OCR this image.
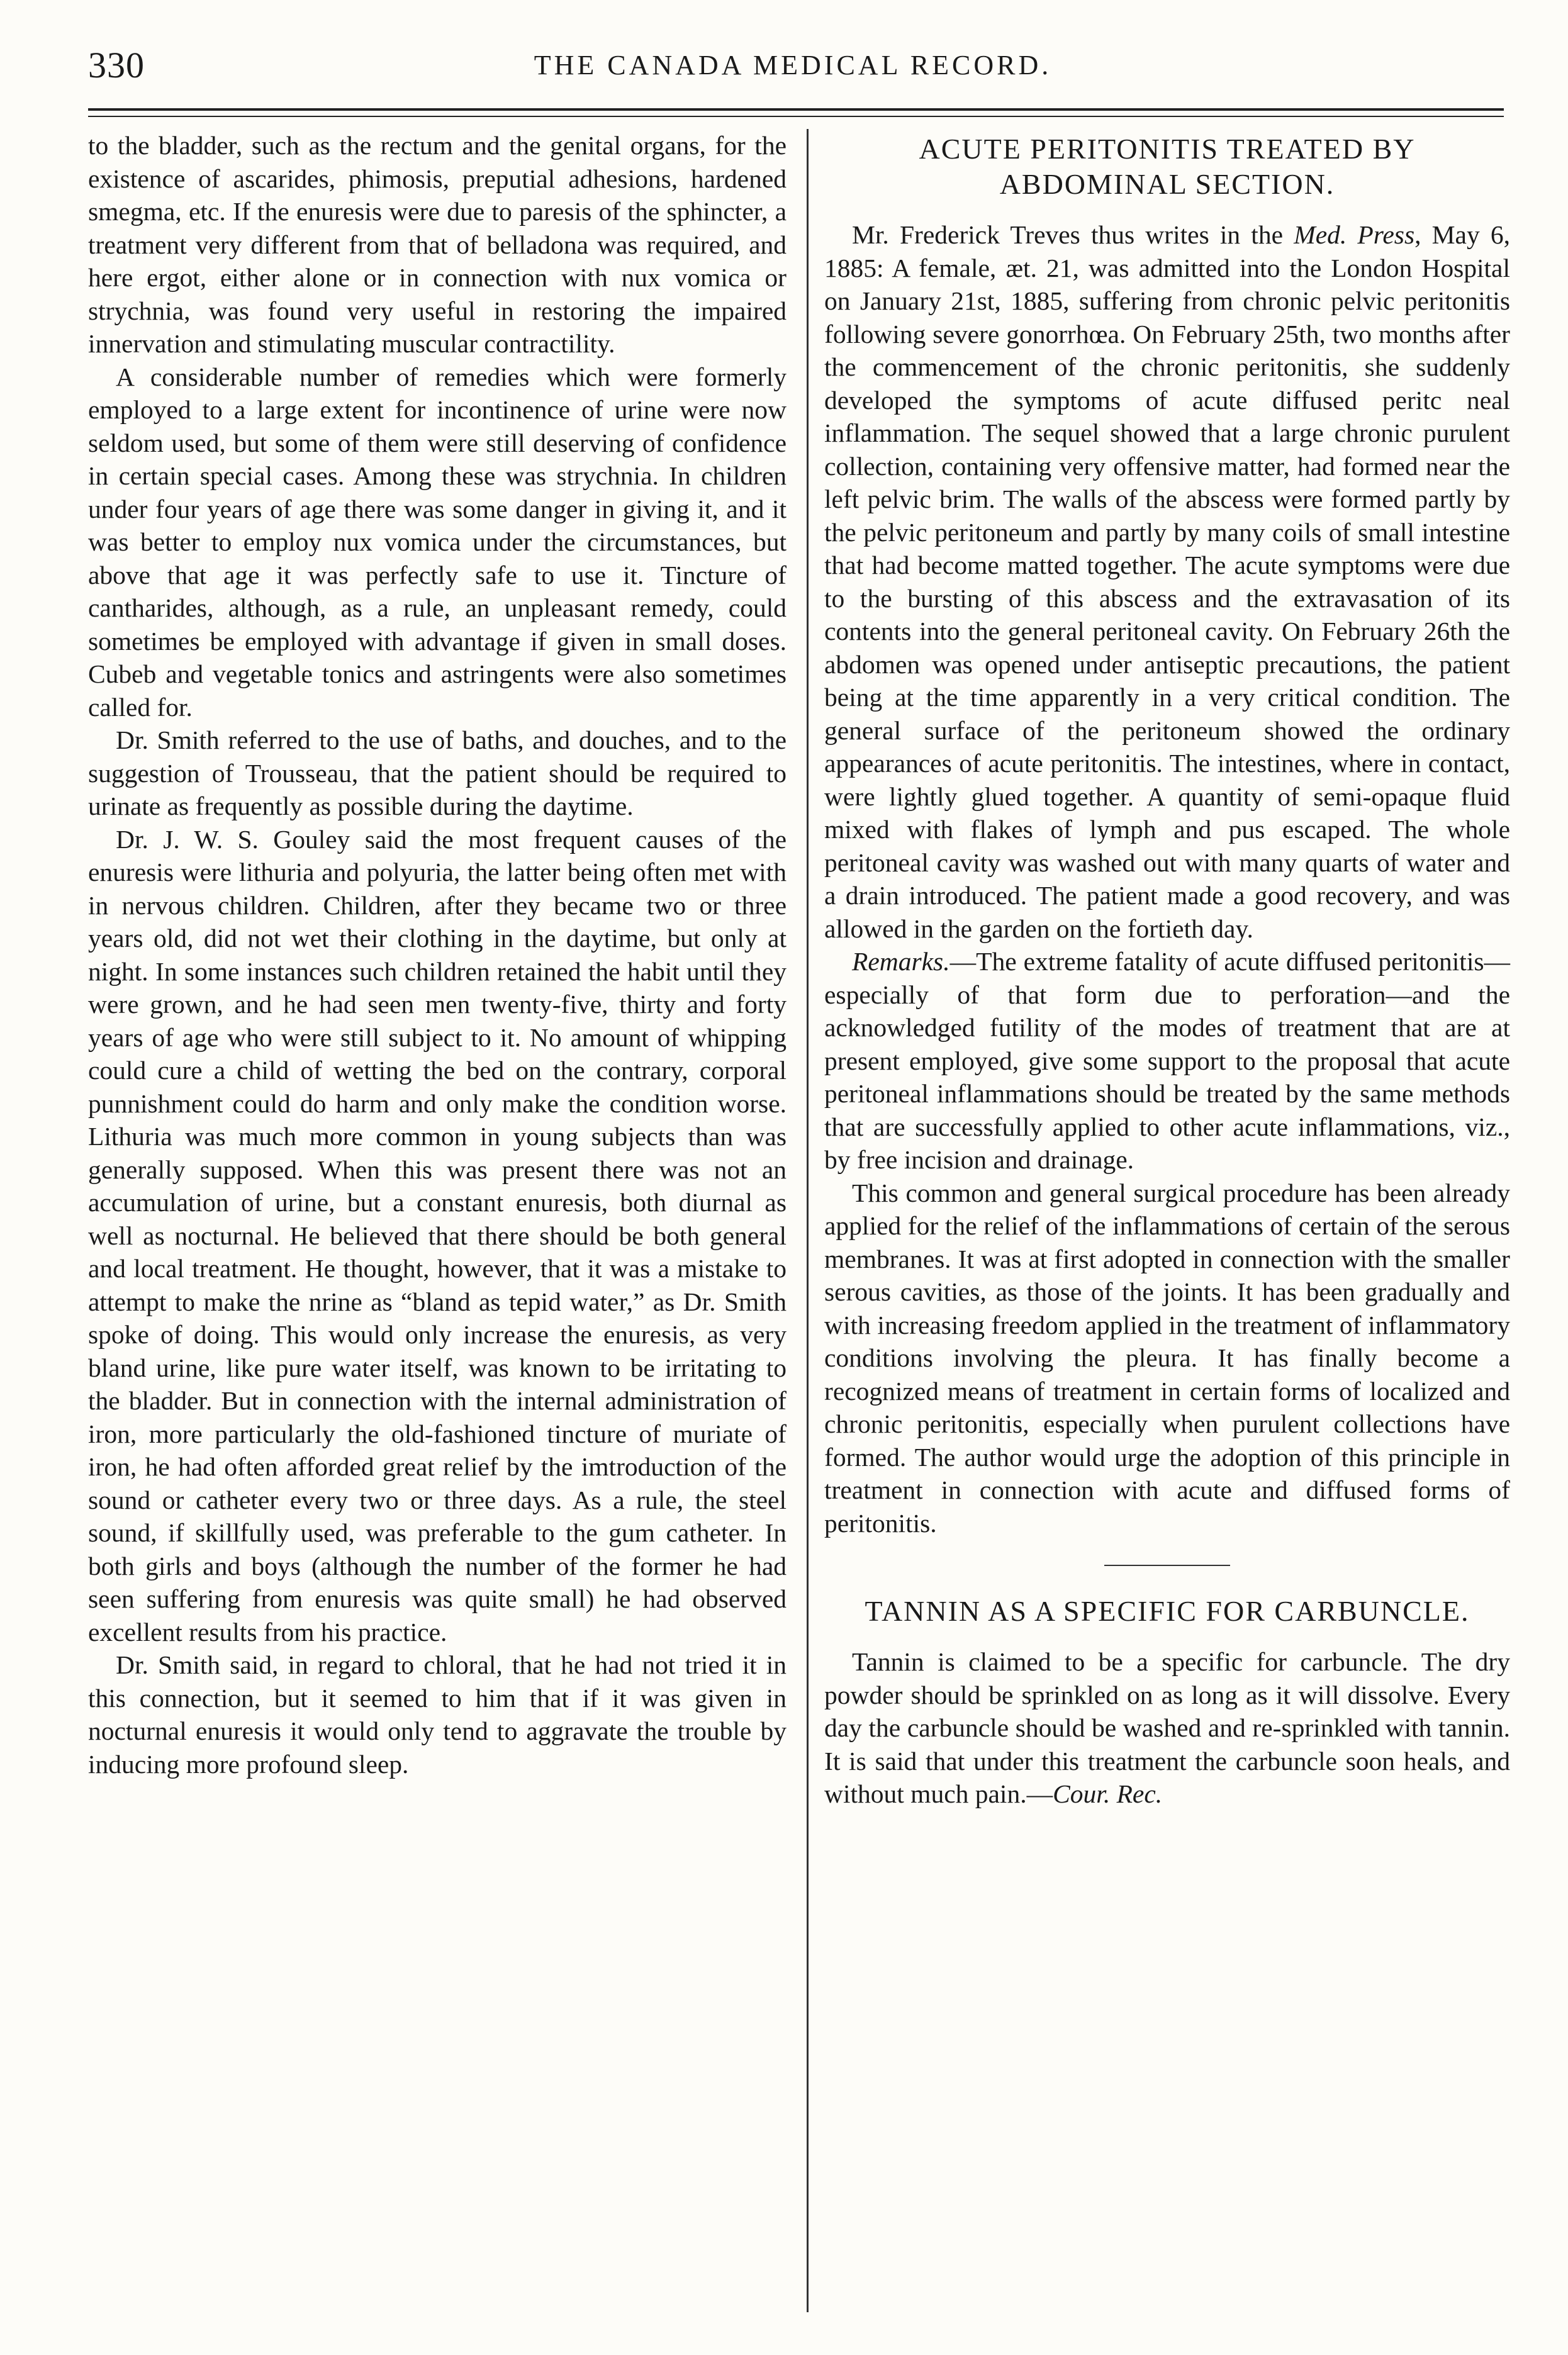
330	THE CANADA MEDICAL RECORD.

to the bladder, such as the rectum and the genital organs, for the existence of ascarides, phimosis, preputial adhesions, hardened smegma, etc. If the enuresis were due to paresis of the sphincter, a treatment very different from that of belladona was required, and here ergot, either alone or in connection with nux vomica or strychnia, was found very useful in restoring the impaired innervation and stimulating muscular contractility.

A considerable number of remedies which were formerly employed to a large extent for incontinence of urine were now seldom used, but some of them were still deserving of confidence in certain special cases. Among these was strychnia. In children under four years of age there was some danger in giving it, and it was better to employ nux vomica under the circumstances, but above that age it was perfectly safe to use it. Tincture of cantharides, although, as a rule, an unpleasant remedy, could sometimes be employed with advantage if given in small doses. Cubeb and vegetable tonics and astringents were also sometimes called for.

Dr. Smith referred to the use of baths, and douches, and to the suggestion of Trousseau, that the patient should be required to urinate as frequently as possible during the daytime.

Dr. J. W. S. Gouley said the most frequent causes of the enuresis were lithuria and polyuria, the latter being often met with in nervous children. Children, after they became two or three years old, did not wet their clothing in the daytime, but only at night. In some instances such children retained the habit until they were grown, and he had seen men twenty-five, thirty and forty years of age who were still subject to it. No amount of whipping could cure a child of wetting the bed on the contrary, corporal punnishment could do harm and only make the condition worse. Lithuria was much more common in young subjects than was generally supposed. When this was present there was not an accumulation of urine, but a constant enuresis, both diurnal as well as nocturnal. He believed that there should be both general and local treatment. He thought, however, that it was a mistake to attempt to make the nrine as “bland as tepid water,” as Dr. Smith spoke of doing. This would only increase the enuresis, as very bland urine, like pure water itself, was known to be irritating to the bladder. But in connection with the internal administration of iron, more particularly the old-fashioned tincture of muriate of iron, he had often afforded great relief by the imtroduction of the sound or catheter every two or three days. As a rule, the steel sound, if skillfully used, was preferable to the gum catheter. In both girls and boys (although the number of the former he had seen suffering from enuresis was quite small) he had observed excellent results from his practice.

Dr. Smith said, in regard to chloral, that he had not tried it in this connection, but it seemed to him that if it was given in nocturnal enuresis it would only tend to aggravate the trouble by inducing more profound sleep.

ACUTE PERITONITIS TREATED BY ABDOMINAL SECTION.

Mr. Frederick Treves thus writes in the Med. Press, May 6, 1885: A female, æt. 21, was admitted into the London Hospital on January 21st, 1885, suffering from chronic pelvic peritonitis following severe gonorrhœa. On February 25th, two months after the commencement of the chronic peritonitis, she suddenly developed the symptoms of acute diffused peritc neal inflammation. The sequel showed that a large chronic purulent collection, containing very offensive matter, had formed near the left pelvic brim. The walls of the abscess were formed partly by the pelvic peritoneum and partly by many coils of small intestine that had become matted together. The acute symptoms were due to the bursting of this abscess and the extravasation of its contents into the general peritoneal cavity. On February 26th the abdomen was opened under antiseptic precautions, the patient being at the time apparently in a very critical condition. The general surface of the peritoneum showed the ordinary appearances of acute peritonitis. The intestines, where in contact, were lightly glued together. A quantity of semi-opaque fluid mixed with flakes of lymph and pus escaped. The whole peritoneal cavity was washed out with many quarts of water and a drain introduced. The patient made a good recovery, and was allowed in the garden on the fortieth day.

Remarks.—The extreme fatality of acute diffused peritonitis—especially of that form due to perforation—and the acknowledged futility of the modes of treatment that are at present employed, give some support to the proposal that acute peritoneal inflammations should be treated by the same methods that are successfully applied to other acute inflammations, viz., by free incision and drainage.

This common and general surgical procedure has been already applied for the relief of the inflammations of certain of the serous membranes. It was at first adopted in connection with the smaller serous cavities, as those of the joints. It has been gradually and with increasing freedom applied in the treatment of inflammatory conditions involving the pleura. It has finally become a recognized means of treatment in certain forms of localized and chronic peritonitis, especially when purulent collections have formed. The author would urge the adoption of this principle in treatment in connection with acute and diffused forms of peritonitis.

TANNIN AS A SPECIFIC FOR CARBUNCLE.

Tannin is claimed to be a specific for carbuncle. The dry powder should be sprinkled on as long as it will dissolve. Every day the carbuncle should be washed and re-sprinkled with tannin. It is said that under this treatment the carbuncle soon heals, and without much pain.—Cour. Rec.
